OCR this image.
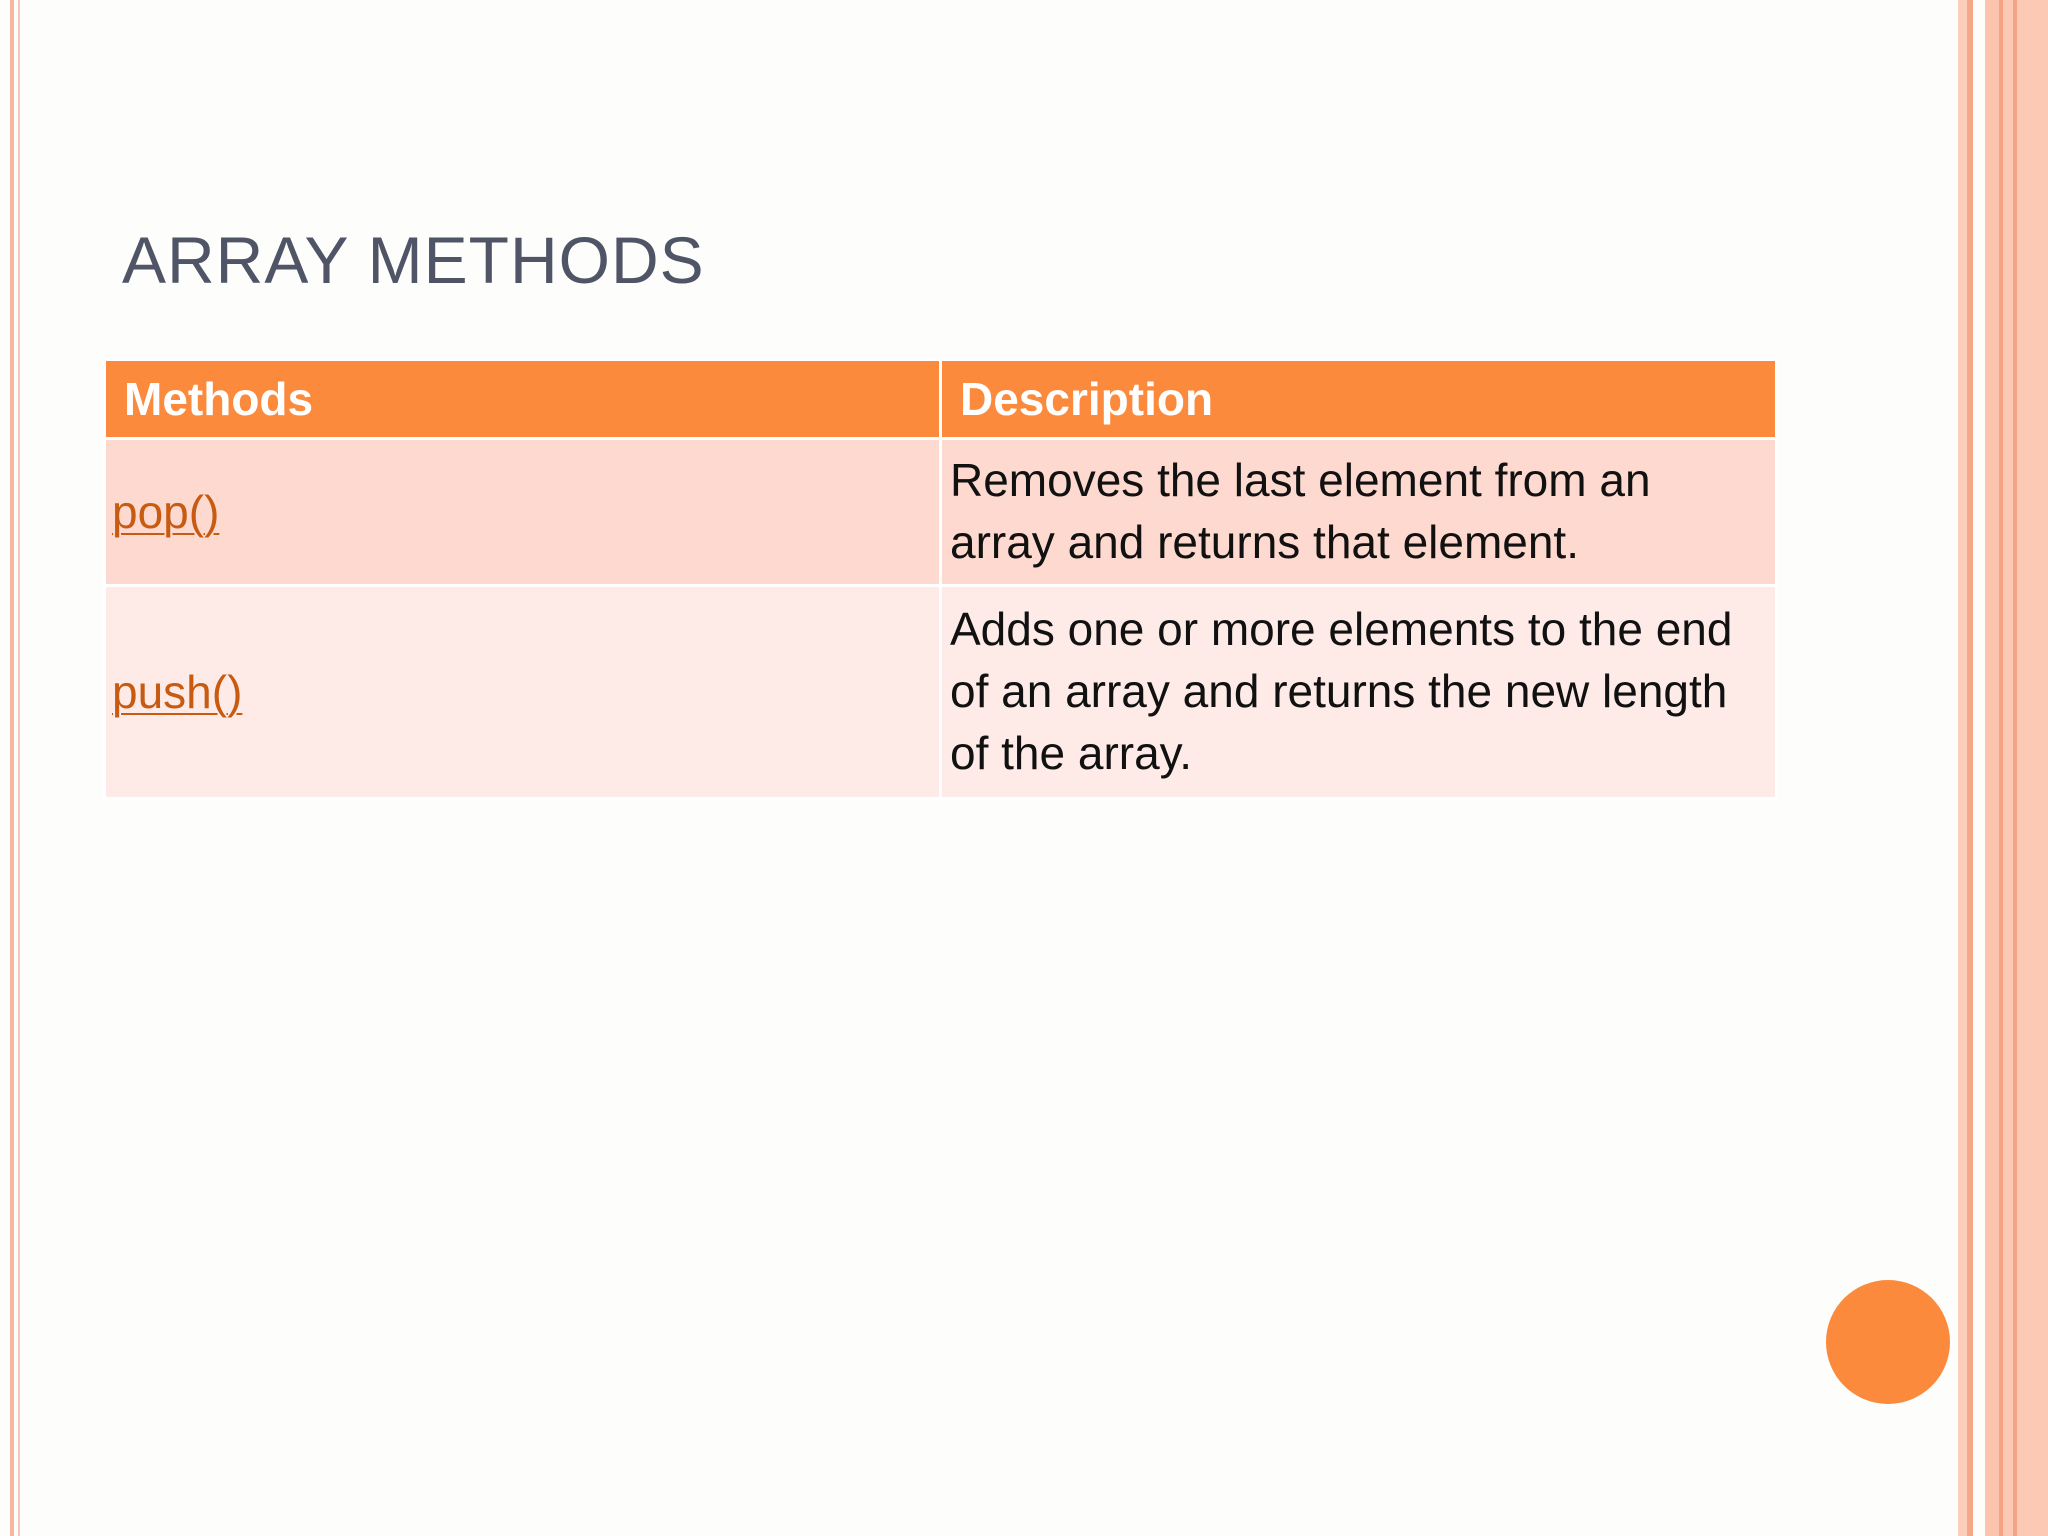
ARRAY METHODS
Methods	Description
pop()	Removes the last element from an array and returns that element.
push()	Adds one or more elements to the end of an array and returns the new length of the array.
